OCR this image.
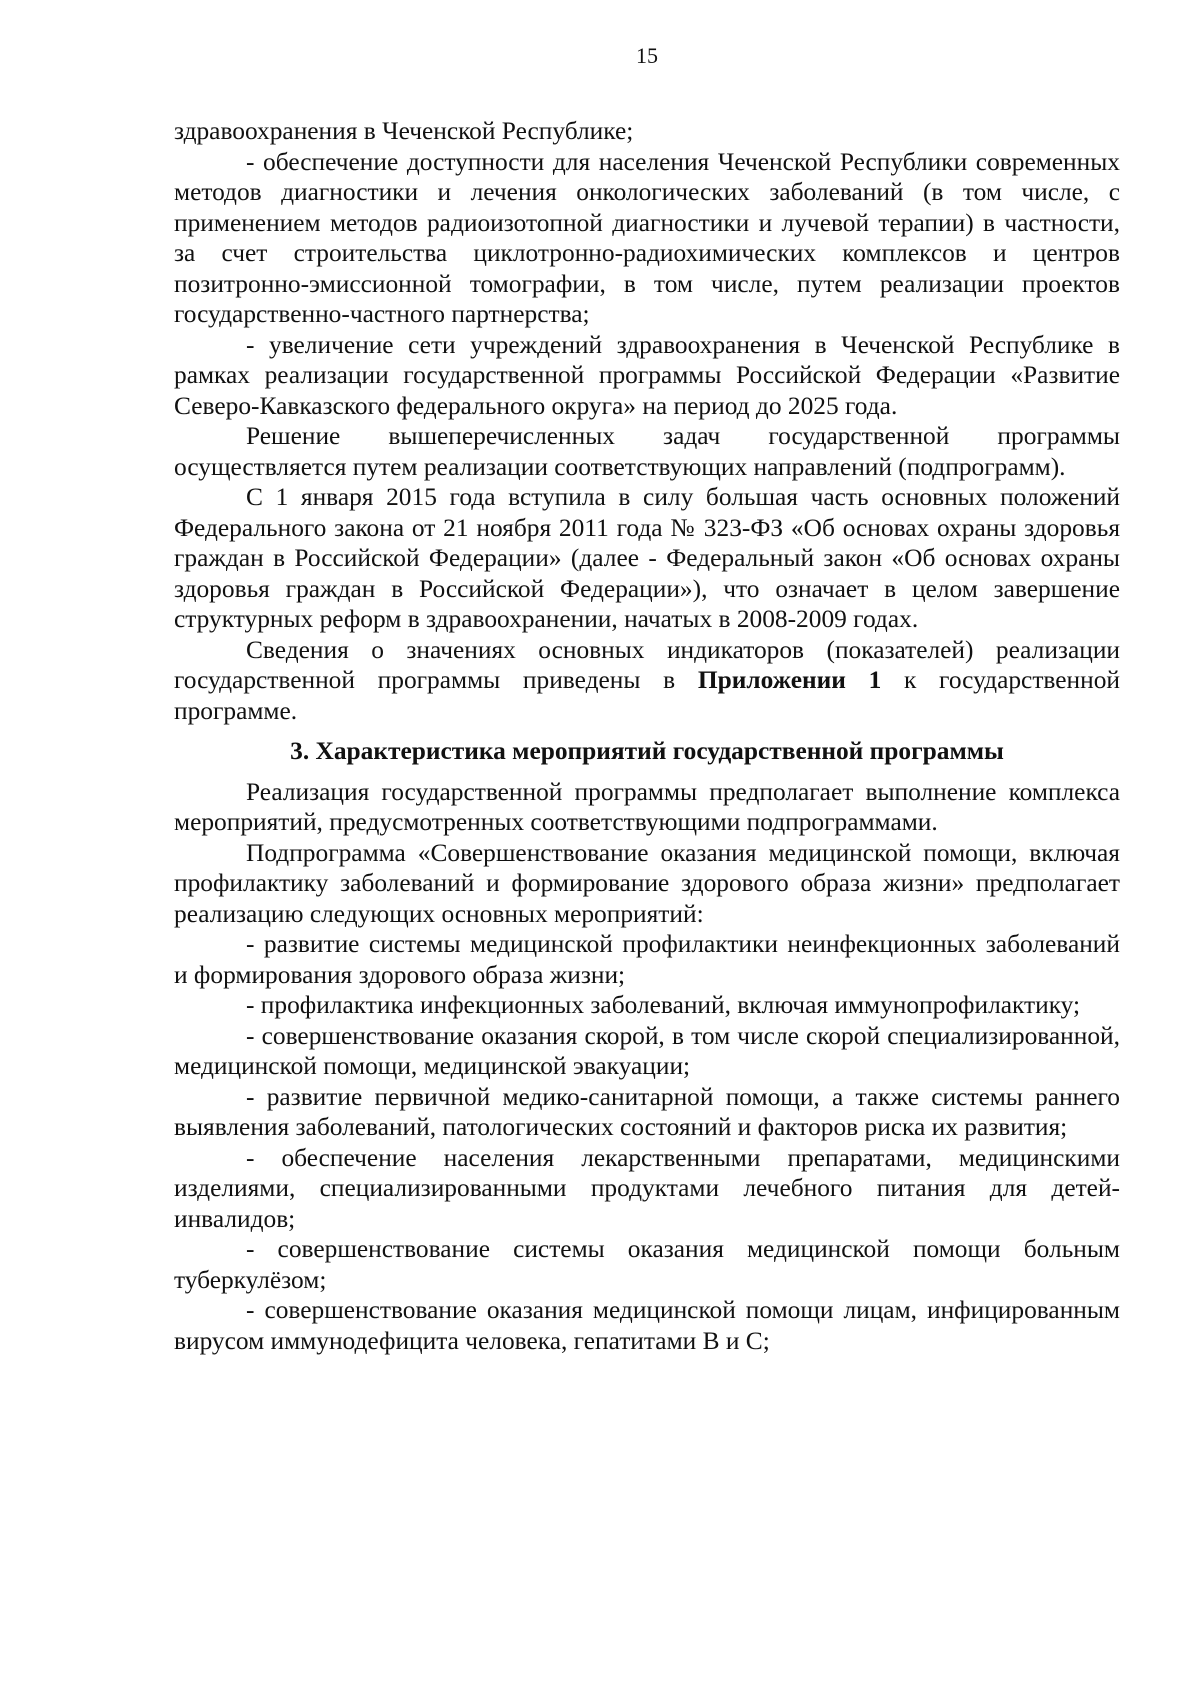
15

здравоохранения в Чеченской Республике;

- обеспечение доступности для населения Чеченской Республики современных методов диагностики и лечения онкологических заболеваний (в том числе, с применением методов радиоизотопной диагностики и лучевой терапии) в частности, за счет строительства циклотронно-радиохимических комплексов и центров позитронно-эмиссионной томографии, в том числе, путем реализации проектов государственно-частного партнерства;

- увеличение сети учреждений здравоохранения в Чеченской Республике в рамках реализации государственной программы Российской Федерации «Развитие Северо-Кавказского федерального округа» на период до 2025 года.

Решение вышеперечисленных задач государственной программы осуществляется путем реализации соответствующих направлений (подпрограмм).

С 1 января 2015 года вступила в силу большая часть основных положений Федерального закона от 21 ноября 2011 года № 323-ФЗ «Об основах охраны здоровья граждан в Российской Федерации» (далее - Федеральный закон «Об основах охраны здоровья граждан в Российской Федерации»), что означает в целом завершение структурных реформ в здравоохранении, начатых в 2008-2009 годах.

Сведения о значениях основных индикаторов (показателей) реализации государственной программы приведены в Приложении 1 к государственной программе.

3. Характеристика мероприятий государственной программы

Реализация государственной программы предполагает выполнение комплекса мероприятий, предусмотренных соответствующими подпрограммами.

Подпрограмма «Совершенствование оказания медицинской помощи, включая профилактику заболеваний и формирование здорового образа жизни» предполагает реализацию следующих основных мероприятий:

- развитие системы медицинской профилактики неинфекционных заболеваний и формирования здорового образа жизни;

- профилактика инфекционных заболеваний, включая иммунопрофилактику;

- совершенствование оказания скорой, в том числе скорой специализированной, медицинской помощи, медицинской эвакуации;

- развитие первичной медико-санитарной помощи, а также системы раннего выявления заболеваний, патологических состояний и факторов риска их развития;

- обеспечение населения лекарственными препаратами, медицинскими изделиями, специализированными продуктами лечебного питания для детей-инвалидов;

- совершенствование системы оказания медицинской помощи больным туберкулёзом;

- совершенствование оказания медицинской помощи лицам, инфицированным вирусом иммунодефицита человека, гепатитами В и С;
